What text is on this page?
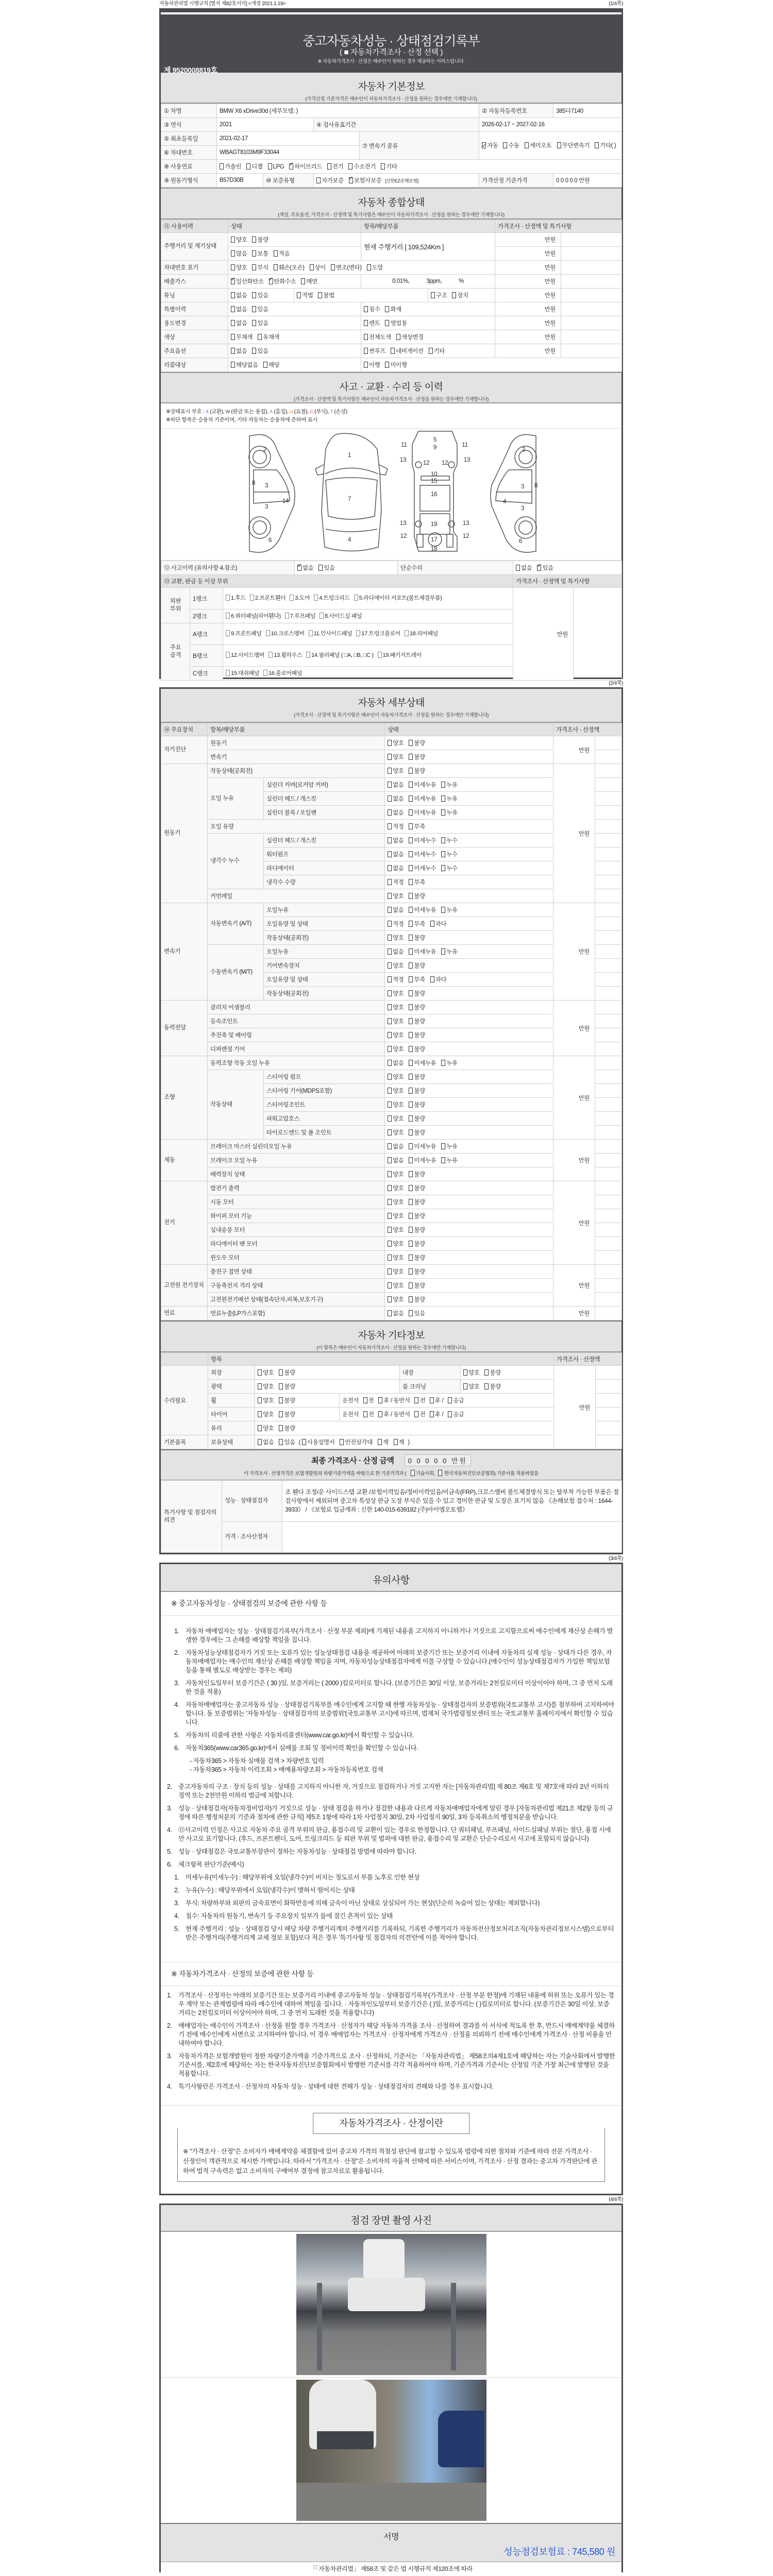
자동차관리법 시행규칙 [별지 제82호서식] <개정 2021.1.19>	(1/4쪽)
중고자동차성능 · 상태점검기록부
( ■ 자동차가격조사 · 산정 선택 )
※ 자동차가격조사 · 산정은 매수인이 원하는 경우 제공하는 서비스입니다.
제 9520008819호
자동차 기본정보
(가격산정 기준가격은 매수인이 자동차가격조사 · 산정을 원하는 경우에만 기재합니다)
① 차명	BMW X6 xDrive30d (세부모델: )				② 자동차등록번호	385다7140
③ 연식	2021		④ 검사유효기간		2026-02-17 ~ 2027-02-16	
⑤ 최초등록일	2021-02-17			⑦ 변속기 종류	✓자동 수동 세미오토 무단변속기 기타( )
⑥ 차대번호	WBAGT8103M9F33044					
⑧ 사용연료	가솔린 디젤 LPG ✓ 하이브리드 전기 수소전기 기타
⑨ 원동기형식	B57D30B	⑩ 보증유형	자가보증 ✓ 보험사보증 [신한EZ손해보험]		가격산정 기준가격	0 0 0 0 0 만원
자동차 종합상태
(색상, 주요옵션, 가격조사 · 산정액 및 특기사항은 매수인이 자동차가격조사 · 산정을 원하는 경우에만 기재합니다)
⑪ 사용이력	상태		항목/해당부품		가격조사 · 산정액 및 특기사항	
주행거리 및 계기상태	양호 불량		현재 주행거리 [ 109,524Km ]		만원	
	많음 보통 적음				만원	
차대번호 표기	양호 부식 훼손(오손) 상이 변조(변타) 도말				만원	
배출가스	✓일산화탄소 ✓ 탄화수소 매연		0.01%, 3ppm, %		만원	
튜닝	없음 있음	적법 불법		구조 장치	만원	
특별이력	없음 있음		침수 화재		만원	
용도변경	없음 있음		렌트 영업용		만원	
색상	무채색 유채색		전체도색 색상변경		만원	
주요옵션	없음 있음		썬루프 네비게이션 기타		만원	
리콜대상	해당없음 해당		이행 미이행			
사고 · 교환 · 수리 등 이력
(가격조사 · 산정액 및 특기사항은 매수인이 자동차가격조사 · 산정을 원하는 경우에만 기재합니다)
※상태표시 부호 : X (교환), W (판금 또는 용접), A (흠집), U (요철), C (부식), T (손상)
※하단 항목은 승용차 기준이며, 기타 자동차는 승용차에 준하여 표시
2
8 3
14
3
6
1
7
4
5
9
11	11
13	13
12 12
10
15
16
13	13
19
12	12
17
18
2
3 8
4
3
6
⑫ 사고이력 (유의사항 4.참조)	✓없음 있음	단순수리	없음 ✓ 있음
⑬ 교환, 판금 등 이상 부위					가격조사 · 산정액 및 특기사항	
외판
부위	1랭크	1.후드 2.프론트휀더 3.도어 4.트렁크리드 5.라디에이터 서포트(볼트체결부품)			만원	
	2랭크	6.쿼터패널(리어휀다) 7.루프패널 8.사이드실 패널				
주요
골격	A랭크	9.프론트패널 10.크로스멤버 11.인사이드패널 17.트렁크플로어 18.리어패널				
	B랭크	12.사이드멤버 13.휠하우스 14.필러패널 ( □A, □B, □C ) 19.패키지트레이				
	C랭크	15.대쉬패널 16.플로어패널				
(2/4쪽)
자동차 세부상태
(가격조사 · 산정액 및 특기사항은 매수인이 자동차가격조사 · 산정을 원하는 경우에만 기재합니다)
⑭ 주요장치	항목/해당부품		상태	가격조사 · 산정액	
자기진단	원동기		양호 불량	만원	
	변속기		양호 불량		
원동기	작동상태(공회전)		양호 불량	만원	
	오일 누유	실린더 커버(로커암 커버)	없음 미세누유 누유		
		실린더 헤드 / 개스킷	없음 미세누유 누유		
		실린더 블록 / 오일팬	없음 미세누유 누유		
	오일 유량		적정 부족		
	냉각수 누수	실린더 헤드 / 개스킷	없음 미세누수 누수		
		워터펌프	없음 미세누수 누수		
		라디에이터	없음 미세누수 누수		
		냉각수 수량	적정 부족		
	커먼레일		양호 불량		
변속기	자동변속기 (A/T)	오일누유	없음 미세누유 누유	만원	
		오일유량 및 상태	적정 부족 과다		
		작동상태(공회전)	양호 불량		
	수동변속기 (M/T)	오일누유	없음 미세누유 누유		
		기어변속장치	양호 불량		
		오일유량 및 상태	적정 부족 과다		
		작동상태(공회전)	양호 불량		
동력전달	클러치 어셈블리		양호 불량	만원	
	등속조인트		양호 불량		
	추진축 및 베어링		양호 불량		
	디퍼렌셜 기어		양호 불량		
조향	동력조향 작동 오일 누유		없음 미세누유 누유	만원	
	작동상태	스티어링 펌프	양호 불량		
		스티어링 기어(MDPS포함)	양호 불량		
		스티어링조인트	양호 불량		
		파워고압호스	양호 불량		
		타이로드엔드 및 볼 조인트	양호 불량		
제동	브레이크 마스터 실린더오일 누유		없음 미세누유 누유	만원	
	브레이크 오일 누유		없음 미세누유 누유		
	배력장치 상태		양호 불량		
전기	발전기 출력		양호 불량	만원	
	시동 모터		양호 불량		
	와이퍼 모터 기능		양호 불량		
	실내송풍 모터		양호 불량		
	라디에이터 팬 모터		양호 불량		
	윈도우 모터		양호 불량		
고전원 전기장치	충전구 절연 상태		양호 불량	만원	
	구동축전지 격리 상태		양호 불량		
	고전원전기배선 상태(접속단자,피복,보호기구)		양호 불량		
연료	연료누출(LP가스포함)		없음 있음	만원	
자동차 기타정보
(이 항목은 매수인이 자동차가격조사 · 산정을 원하는 경우에만 기재합니다)
	항목					가격조사 · 산정액	
수리필요	외장	양호 불량		내장	양호 불량	만원	
	광택	양호 불량		룸 크리닝	양호 불량		
	휠	양호 불량	운전석 전 후 / 동반석 전 후 / 응급				
	타이어	양호 불량	운전석 전 후 / 동반석 전 후 / 응급				
	유리	양호 불량					
기본품목	보유상태	없음 있음 ( 사용설명서 안전삼각대 잭 잭 )					
최종 가격조사 · 산정 금액 0 0 0 0 0 만원
이 가격조사 · 산정가격은 보험개발원의 차량기준가액을 바탕으로 한 기준가격과 ( 기술사회, 한국자동차진단보증협회) 기준서를 적용하였음
특기사항 및 점검자의 의견	성능 · 상태점검자	조 휀다 조정/운 사이드스텝 교환 /보험이력있음/정비이력있음/비금속(FRP),크로스멤버 볼트체결방식 또는 탈부착 가능한 부품은 점검사항에서 제외되며 중고차 특성상 판금 도장 부식은 있을 수 있고 경미한 판금 및 도장은 표기치 않음 《손해보험 접수처 : 1644-3933》 / 《보험료 입금계좌 : 신한 140-015-639182 (주)아이엠오토랩》
	가격 · 조사산정자	
(3/4쪽)
유의사항
※ 중고자동차성능 · 상태점검의 보증에 관한 사항 등
1. 자동차 매매업자는 성능 · 상태점검기록부(가격조사 · 산정 부분 제외)에 기재된 내용을 고지하지 아니하거나 거짓으로 고지함으로써 매수인에게 재산상 손해가 발생한 경우에는 그 손해를 배상할 책임을 집니다.
2. 자동차성능상태점검자가 거짓 또는 오류가 있는 성능상태점검 내용을 제공하여 아래의 보증기간 또는 보증거리 이내에 자동차의 실제 성능 · 상태가 다른 경우, 자동차매매업자는 매수인의 재산상 손해를 배상할 책임을 지며, 자동차성능상태점검자에게 이를 구상할 수 있습니다.(매수인이 성능상태점검자가 가입한 책임보험 등을 통해 별도로 배상받는 경우는 제외)
3. 자동차인도일부터 보증기간은 ( 30 )일, 보증거리는 ( 2000 )킬로미터로 합니다. (보증기간은 30일 이상, 보증거리는 2천킬로미터 이상이어야 하며, 그 중 먼저 도래한 것을 적용)
4. 자동차매매업자는 중고자동차 성능 · 상태점검기록부를 매수인에게 고지할 때 현행 자동차성능 · 상태점검자의 보증범위(국토교통부 고시)를 첨부하여 고지하여야 합니다. 동 보증범위는 '자동차성능 · 상태점검자의 보증범위'(국토교통부 고시)에 따르며, 법제처 국가법령정보센터 또는 국토교통부 홈페이지에서 확인할 수 있습니다.
5. 자동차의 리콜에 관한 사항은 자동차리콜센터(www.car.go.kr)에서 확인할 수 있습니다.
6. 자동차365(www.car365.go.kr)에서 실매물 조회 및 정비이력 확인을 확인할 수 있습니다.
- 자동차365 > 자동차 실매물 검색 > 차량번호 입력
- 자동차365 > 자동차 이력조회 > 매매용차량조회 > 자동차등록번호 검색
2. 중고자동차의 구조 · 장치 등의 성능 · 상태를 고지하지 아니한 자, 거짓으로 점검하거나 거짓 고지한 자는 [자동차관리법] 제 80조 제6호 및 제7호에 따라 2년 이하의 징역 또는 2천만원 이하의 벌금에 처합니다.
3. 성능 · 상태점검자(자동차정비업자)가 거짓으로 성능 · 상태 점검을 하거나 점검한 내용과 다르게 자동차매매업자에게 알린 경우 [자동차관리법 제21조 제2항 등의 규정에 따른 행정처분의 기준과 절차에 관한 규칙] 제5조 1항에 따라 1차 사업정지 30일, 2차 사업정지 90일, 3차 등록취소의 행정처분을 받습니다.
4. ⑫사고이력 인정은 사고로 자동차 주요 골격 부위의 판금, 용접수리 및 교환이 있는 경우로 한정합니다. 단 쿼터패널, 루프패널, 사이드실패널 부위는 절단, 용접 시에만 사고로 표기합니다. (후드, 프론트펜더, 도어, 트렁크리드 등 외판 부위 및 범퍼에 대한 판금, 용접수리 및 교환은 단순수리로서 사고에 포함되지 않습니다)
5. 성능 · 상태점검은 국토교통부장관이 정하는 자동차성능 · 상태점검 방법에 따라야 합니다.
6. 체크항목 판단기준(예시)
1. 미세누유(미세누수) : 해당부위에 오일(냉각수)이 비치는 정도로서 부품 노후로 인한 현상
2. 누유(누수) : 해당부위에서 오일(냉각수)이 맺혀서 떨어지는 상태
3. 부식: 차량하부와 외판의 금속표면이 화학반응에 의해 금속이 아닌 상태로 상실되어 가는 현상(단순히 녹슬어 있는 상태는 제외합니다)
4. 침수: 자동차의 원동기, 변속기 등 주요장치 일부가 물에 잠긴 흔적이 있는 상태
5. 현재 주행거리 : 성능 · 상태점검 당시 해당 차량 주행거리계의 주행거리를 기록하되, 기록한 주행거리가 자동차전산정보처리조직(자동차관리정보시스템)으로부터 받은 주행거리(주행거리계 교체 정보 포함)보다 적은 경우 '특기사항 및 점검자의 의견'란에 이를 적어야 합니다.
※ 자동차가격조사 · 산정의 보증에 관한 사항 등
1. 가격조사 · 산정자는 아래의 보증기간 또는 보증거리 이내에 중고자동차 성능 · 상태점검기록부(가격조사 · 산정 부분 한정)에 기재된 내용에 허위 또는 오류가 있는 경우 계약 또는 관계법령에 따라 매수인에 대하여 책임을 집니다. · 자동차인도일부터 보증기간은 ( )일, 보증거리는 ( )킬로미터로 합니다. (보증기간은 30일 이상, 보증거리는 2천킬로미터 이상이어야 하며, 그 중 먼저 도래한 것을 적용합니다)
2. 매매업자는 매수인이 가격조사 · 산정을 원할 경우 가격조사 · 산정자가 해당 자동차 가격을 조사 · 산정하여 결과를 이 서식에 적도록 한 후, 반드시 매매계약을 체결하기 전에 매수인에게 서면으로 고지하여야 합니다. 이 경우 매매업자는 가격조사 · 산정자에게 가격조사 · 산정을 의뢰하기 전에 매수인에게 가격조사 · 산정 비용을 안내하여야 합니다.
3. 자동차가격은 보험개발원이 정한 차량기준가액을 기준가격으로 조사 · 산정하되, 기준서는 「자동차관리법」 제58조의4제1호에 해당하는 자는 기술사회에서 발행한 기준서를, 제2호에 해당하는 자는 한국자동차진단보증협회에서 발행한 기준서를 각각 적용하여야 하며, 기준가격과 기준서는 산정일 기준 가장 최근에 발행된 것을 적용합니다.
4. 특기사항란은 가격조사 · 산정자의 자동차 성능 · 상태에 대한 견해가 성능 · 상태점검자의 견해와 다를 경우 표시합니다.
자동차가격조사 · 산정이란
※ "가격조사 · 산정"은 소비자가 매매계약을 체결함에 있어 중고차 가격의 적절성 판단에 참고할 수 있도록 법령에 의한 절차와 기준에 따라 전문 가격조사 · 산정인이 객관적으로 제시한 가액입니다. 따라서 "가격조사 · 산정"은 소비자의 자율적 선택에 따른 서비스이며, 가격조사 · 산정 결과는 중고차 가격판단에 관하여 법적 구속력은 없고 소비자의 구매여부 결정에 참고자료로 활용됩니다.
(4/4쪽)
점검 장면 촬영 사진
서명
성능점검보험료 : 745,580 원
「「자동차관리법」 제58조 및 같은 법 시행규칙 제120조에 따라
